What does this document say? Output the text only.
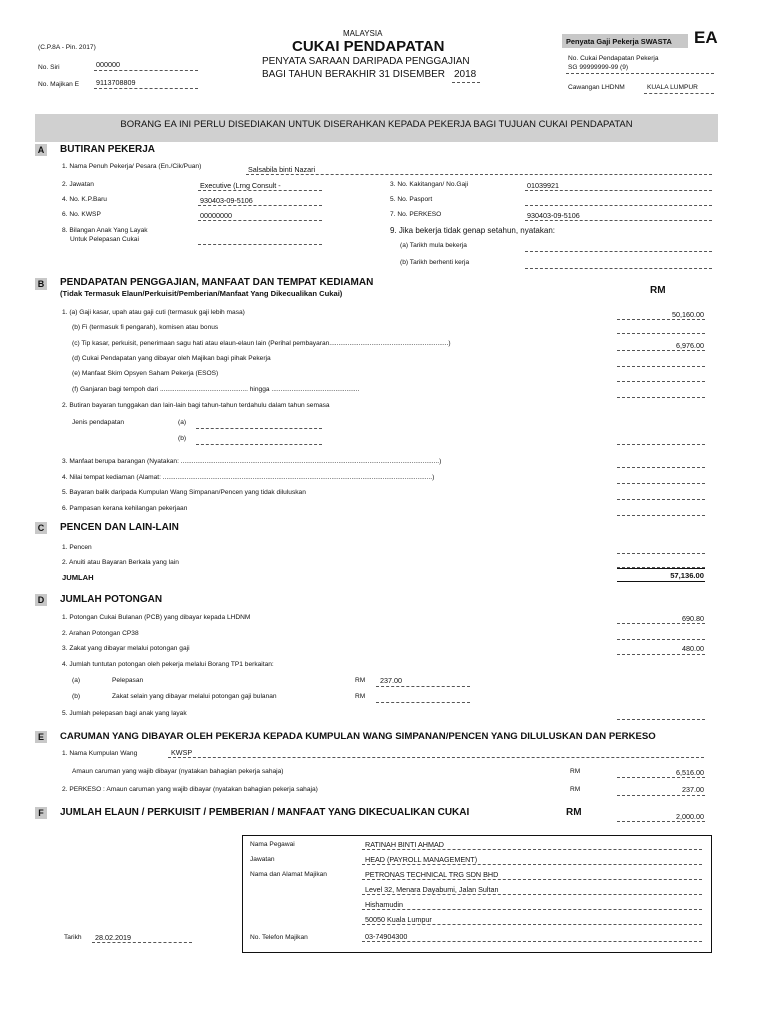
(C.P.8A - Pin. 2017)
MALAYSIA
CUKAI PENDAPATAN
PENYATA SARAAN DARIPADA PENGGAJIAN
BAGI TAHUN BERAKHIR 31 DISEMBER 2018
No. Siri	000000
No. Majikan E 9113708809
Penyata Gaji Pekerja SWASTA EA
No. Cukai Pendapatan Pekerja
SG 99999999-99 (9)
Cawangan LHDNM	KUALA LUMPUR
BORANG EA INI PERLU DISEDIAKAN UNTUK DISERAHKAN KEPADA PEKERJA BAGI TUJUAN CUKAI PENDAPATAN
A BUTIRAN PEKERJA
1. Nama Penuh Pekerja/ Pesara (En./Cik/Puan)	Salsabila binti Nazari
2. Jawatan	Executive (Lrng Consult -	3. No. Kakitangan/ No.Gaji	01039921
4. No. K.P.Baru	930403-09-5106	5. No. Pasport
6. No. KWSP	00000000	7. No. PERKESO	930403-09-5106
8. Bilangan Anak Yang Layak
Untuk Pelepasan Cukai
9. Jika bekerja tidak genap setahun, nyatakan:
(a) Tarikh mula bekerja
(b) Tarikh berhenti kerja
B PENDAPATAN PENGGAJIAN, MANFAAT DAN TEMPAT KEDIAMAN
(Tidak Termasuk Elaun/Perkuisit/Pemberian/Manfaat Yang Dikecualikan Cukai)	RM
1. (a) Gaji kasar, upah atau gaji cuti (termasuk gaji lebih masa)	50,160.00
(b) Fi (termasuk fi pengarah), komisen atau bonus
(c) Tip kasar, perkuisit, penerimaan sagu hati atau elaun-elaun lain (Perihal pembayaran.................................................................)	6,976.00
(d) Cukai Pendapatan yang dibayar oleh Majikan bagi pihak Pekerja
(e) Manfaat Skim Opsyen Saham Pekerja (ESOS)
(f) Ganjaran bagi tempoh dari ................................................ hingga ................................................
2. Butiran bayaran tunggakan dan lain-lain bagi tahun-tahun terdahulu dalam tahun semasa
Jenis pendapatan	(a)
(b)
3. Manfaat berupa barangan (Nyatakan: .............................................................................................................................................)
4. Nilai tempat kediaman (Alamat: ...................................................................................................................................................)
5. Bayaran balik daripada Kumpulan Wang Simpanan/Pencen yang tidak diluluskan
6. Pampasan kerana kehilangan pekerjaan
C PENCEN DAN LAIN-LAIN
1. Pencen
2. Anuiti atau Bayaran Berkala yang lain
JUMLAH	57,136.00
D JUMLAH POTONGAN
1. Potongan Cukai Bulanan (PCB) yang dibayar kepada LHDNM	690.80
2. Arahan Potongan CP38
3. Zakat yang dibayar melalui potongan gaji	480.00
4. Jumlah tuntutan potongan oleh pekerja melalui Borang TP1 berkaitan:
(a)	Pelepasan	RM 237.00
(b)	Zakat selain yang dibayar melalui potongan gaji bulanan	RM
5. Jumlah pelepasan bagi anak yang layak
E	CARUMAN YANG DIBAYAR OLEH PEKERJA KEPADA KUMPULAN WANG SIMPANAN/PENCEN YANG DILULUSKAN DAN PERKESO
1. Nama Kumpulan Wang	KWSP
Amaun caruman yang wajib dibayar (nyatakan bahagian pekerja sahaja)	RM	6,516.00
2. PERKESO : Amaun caruman yang wajib dibayar (nyatakan bahagian pekerja sahaja)	RM	237.00
F	JUMLAH ELAUN / PERKUISIT / PEMBERIAN / MANFAAT YANG DIKECUALIKAN CUKAI	RM	2,000.00
Nama Pegawai	RATINAH BINTI AHMAD
Jawatan	HEAD (PAYROLL MANAGEMENT)
Nama dan Alamat Majikan	PETRONAS TECHNICAL TRG SDN BHD
Level 32, Menara Dayabumi, Jalan Sultan
Hishamudin
50050 Kuala Lumpur
No. Telefon Majikan	03-74904300
Tarikh 28.02.2019
